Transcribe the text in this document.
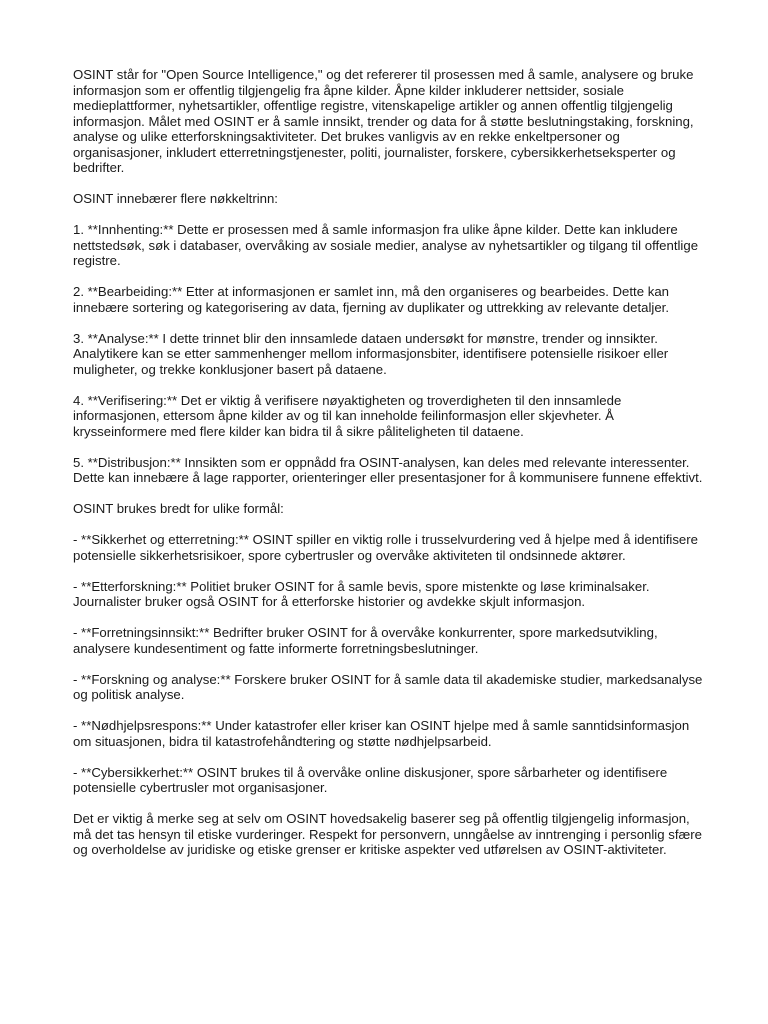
OSINT står for "Open Source Intelligence," og det refererer til prosessen med å samle, analysere og bruke informasjon som er offentlig tilgjengelig fra åpne kilder. Åpne kilder inkluderer nettsider, sosiale medieplattformer, nyhetsartikler, offentlige registre, vitenskapelige artikler og annen offentlig tilgjengelig informasjon. Målet med OSINT er å samle innsikt, trender og data for å støtte beslutningstaking, forskning, analyse og ulike etterforskningsaktiviteter. Det brukes vanligvis av en rekke enkeltpersoner og organisasjoner, inkludert etterretningstjenester, politi, journalister, forskere, cybersikkerhetseksperter og bedrifter.

OSINT innebærer flere nøkkeltrinn:

1. **Innhenting:** Dette er prosessen med å samle informasjon fra ulike åpne kilder. Dette kan inkludere nettstedsøk, søk i databaser, overvåking av sosiale medier, analyse av nyhetsartikler og tilgang til offentlige registre.

2. **Bearbeiding:** Etter at informasjonen er samlet inn, må den organiseres og bearbeides. Dette kan innebære sortering og kategorisering av data, fjerning av duplikater og uttrekking av relevante detaljer.

3. **Analyse:** I dette trinnet blir den innsamlede dataen undersøkt for mønstre, trender og innsikter. Analytikere kan se etter sammenhenger mellom informasjonsbiter, identifisere potensielle risikoer eller muligheter, og trekke konklusjoner basert på dataene.

4. **Verifisering:** Det er viktig å verifisere nøyaktigheten og troverdigheten til den innsamlede informasjonen, ettersom åpne kilder av og til kan inneholde feilinformasjon eller skjevheter. Å krysseinformere med flere kilder kan bidra til å sikre påliteligheten til dataene.

5. **Distribusjon:** Innsikten som er oppnådd fra OSINT-analysen, kan deles med relevante interessenter. Dette kan innebære å lage rapporter, orienteringer eller presentasjoner for å kommunisere funnene effektivt.

OSINT brukes bredt for ulike formål:

- **Sikkerhet og etterretning:** OSINT spiller en viktig rolle i trusselvurdering ved å hjelpe med å identifisere potensielle sikkerhetsrisikoer, spore cybertrusler og overvåke aktiviteten til ondsinnede aktører.

- **Etterforskning:** Politiet bruker OSINT for å samle bevis, spore mistenkte og løse kriminalsaker. Journalister bruker også OSINT for å etterforske historier og avdekke skjult informasjon.

- **Forretningsinnsikt:** Bedrifter bruker OSINT for å overvåke konkurrenter, spore markedsutvikling, analysere kundesentiment og fatte informerte forretningsbeslutninger.

- **Forskning og analyse:** Forskere bruker OSINT for å samle data til akademiske studier, markedsanalyse og politisk analyse.

- **Nødhjelpsrespons:** Under katastrofer eller kriser kan OSINT hjelpe med å samle sanntidsinformasjon om situasjonen, bidra til katastrofehåndtering og støtte nødhjelpsarbeid.

- **Cybersikkerhet:** OSINT brukes til å overvåke online diskusjoner, spore sårbarheter og identifisere potensielle cybertrusler mot organisasjoner.

Det er viktig å merke seg at selv om OSINT hovedsakelig baserer seg på offentlig tilgjengelig informasjon, må det tas hensyn til etiske vurderinger. Respekt for personvern, unngåelse av inntrenging i personlig sfære og overholdelse av juridiske og etiske grenser er kritiske aspekter ved utførelsen av OSINT-aktiviteter.
